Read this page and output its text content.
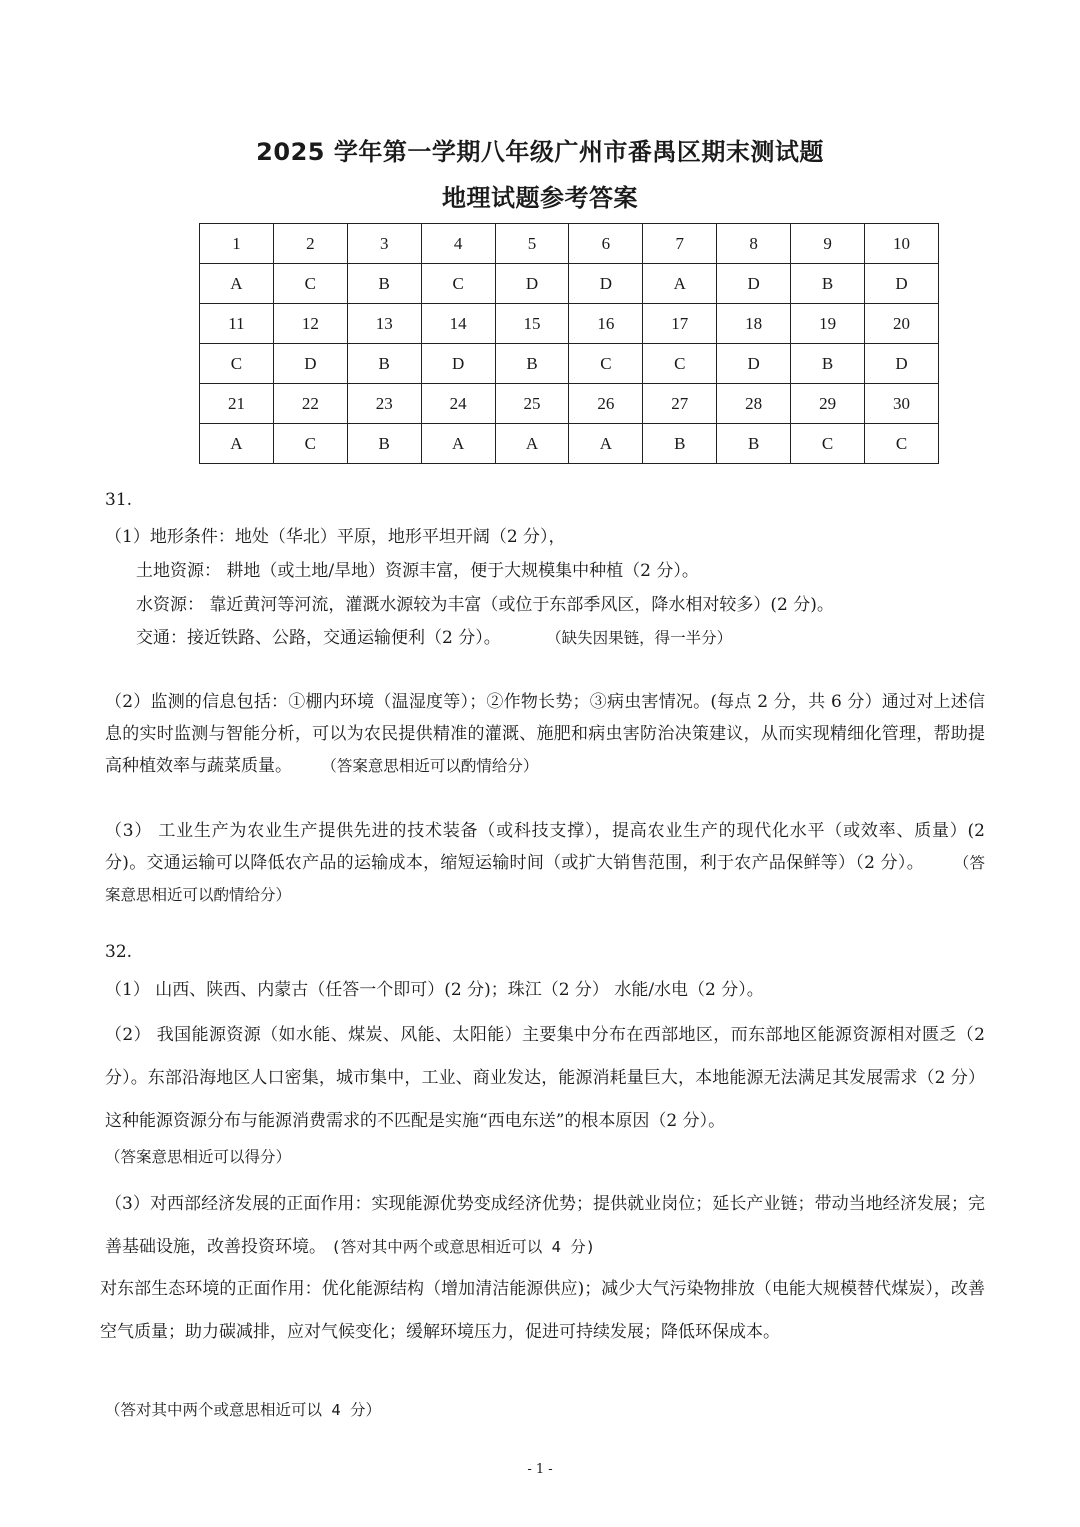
2025 学年第一学期八年级广州市番禺区期末测试题
地理试题参考答案
1	2	3	4	5	6	7	8	9	10
A	C	B	C	D	D	A	D	B	D
11	12	13	14	15	16	17	18	19	20
C	D	B	D	B	C	C	D	B	D
21	22	23	24	25	26	27	28	29	30
A	C	B	A	A	A	B	B	C	C
31.
（1）地形条件：地处（华北）平原，地形平坦开阔（2 分），
土地资源： 耕地（或土地/旱地）资源丰富，便于大规模集中种植（2 分）。
水资源： 靠近黄河等河流，灌溉水源较为丰富（或位于东部季风区，降水相对较多）(2 分)。
交通：接近铁路、公路，交通运输便利（2 分）。	（缺失因果链，得一半分）
（2）监测的信息包括：①棚内环境（温湿度等）；②作物长势；③病虫害情况。(每点 2 分，共 6 分）通过对上述信息的实时监测与智能分析，可以为农民提供精准的灌溉、施肥和病虫害防治决策建议，从而实现精细化管理，帮助提高种植效率与蔬菜质量。 （答案意思相近可以酌情给分）
（3） 工业生产为农业生产提供先进的技术装备（或科技支撑），提高农业生产的现代化水平（或效率、质量）(2 分)。交通运输可以降低农产品的运输成本，缩短运输时间（或扩大销售范围，利于农产品保鲜等）（2 分）。 （答案意思相近可以酌情给分）
32.
（1） 山西、陕西、内蒙古（任答一个即可）(2 分)；珠江（2 分） 水能/水电（2 分）。
（2） 我国能源资源（如水能、煤炭、风能、太阳能）主要集中分布在西部地区，而东部地区能源资源相对匮乏（2 分）。东部沿海地区人口密集，城市集中，工业、商业发达，能源消耗量巨大，本地能源无法满足其发展需求（2 分）这种能源资源分布与能源消费需求的不匹配是实施“西电东送”的根本原因（2 分）。
（答案意思相近可以得分）
（3）对西部经济发展的正面作用：实现能源优势变成经济优势；提供就业岗位；延长产业链；带动当地经济发展；完善基础设施，改善投资环境。 (答对其中两个或意思相近可以 4 分)
对东部生态环境的正面作用：优化能源结构（增加清洁能源供应)；减少大气污染物排放（电能大规模替代煤炭），改善空气质量；助力碳减排，应对气候变化；缓解环境压力，促进可持续发展；降低环保成本。
（答对其中两个或意思相近可以 4 分）
- 1 -
